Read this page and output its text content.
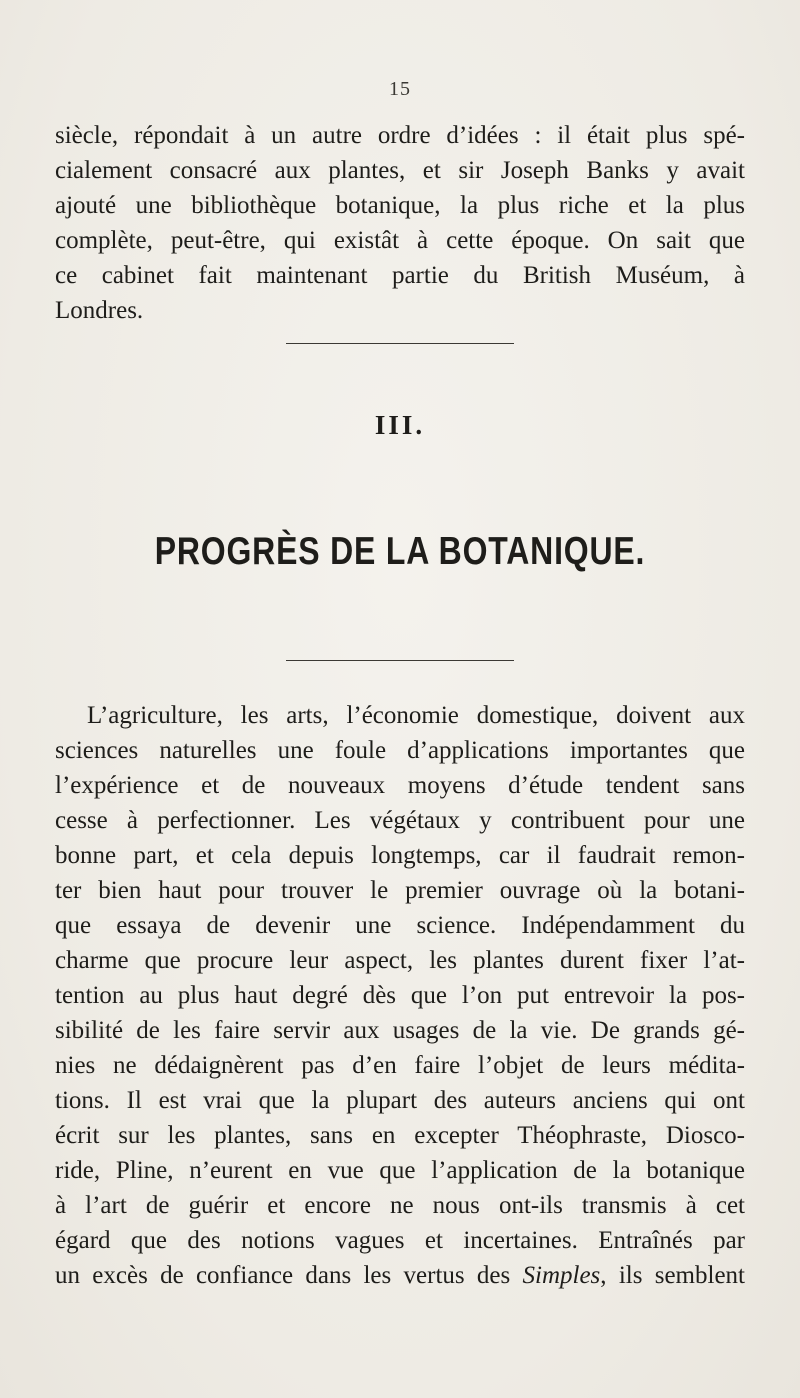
15
siècle, répondait à un autre ordre d’idées : il était plus spé-
cialement consacré aux plantes, et sir Joseph Banks y avait
ajouté une bibliothèque botanique, la plus riche et la plus
complète, peut-être, qui existât à cette époque. On sait que
ce cabinet fait maintenant partie du British Muséum, à
Londres.
III.
PROGRÈS DE LA BOTANIQUE.
L’agriculture, les arts, l’économie domestique, doivent aux
sciences naturelles une foule d’applications importantes que
l’expérience et de nouveaux moyens d’étude tendent sans
cesse à perfectionner. Les végétaux y contribuent pour une
bonne part, et cela depuis longtemps, car il faudrait remon-
ter bien haut pour trouver le premier ouvrage où la botani-
que essaya de devenir une science. Indépendamment du
charme que procure leur aspect, les plantes durent fixer l’at-
tention au plus haut degré dès que l’on put entrevoir la pos-
sibilité de les faire servir aux usages de la vie. De grands gé-
nies ne dédaignèrent pas d’en faire l’objet de leurs médita-
tions. Il est vrai que la plupart des auteurs anciens qui ont
écrit sur les plantes, sans en excepter Théophraste, Diosco-
ride, Pline, n’eurent en vue que l’application de la botanique
à l’art de guérir et encore ne nous ont-ils transmis à cet
égard que des notions vagues et incertaines. Entraînés par
un excès de confiance dans les vertus des Simples, ils semblent
